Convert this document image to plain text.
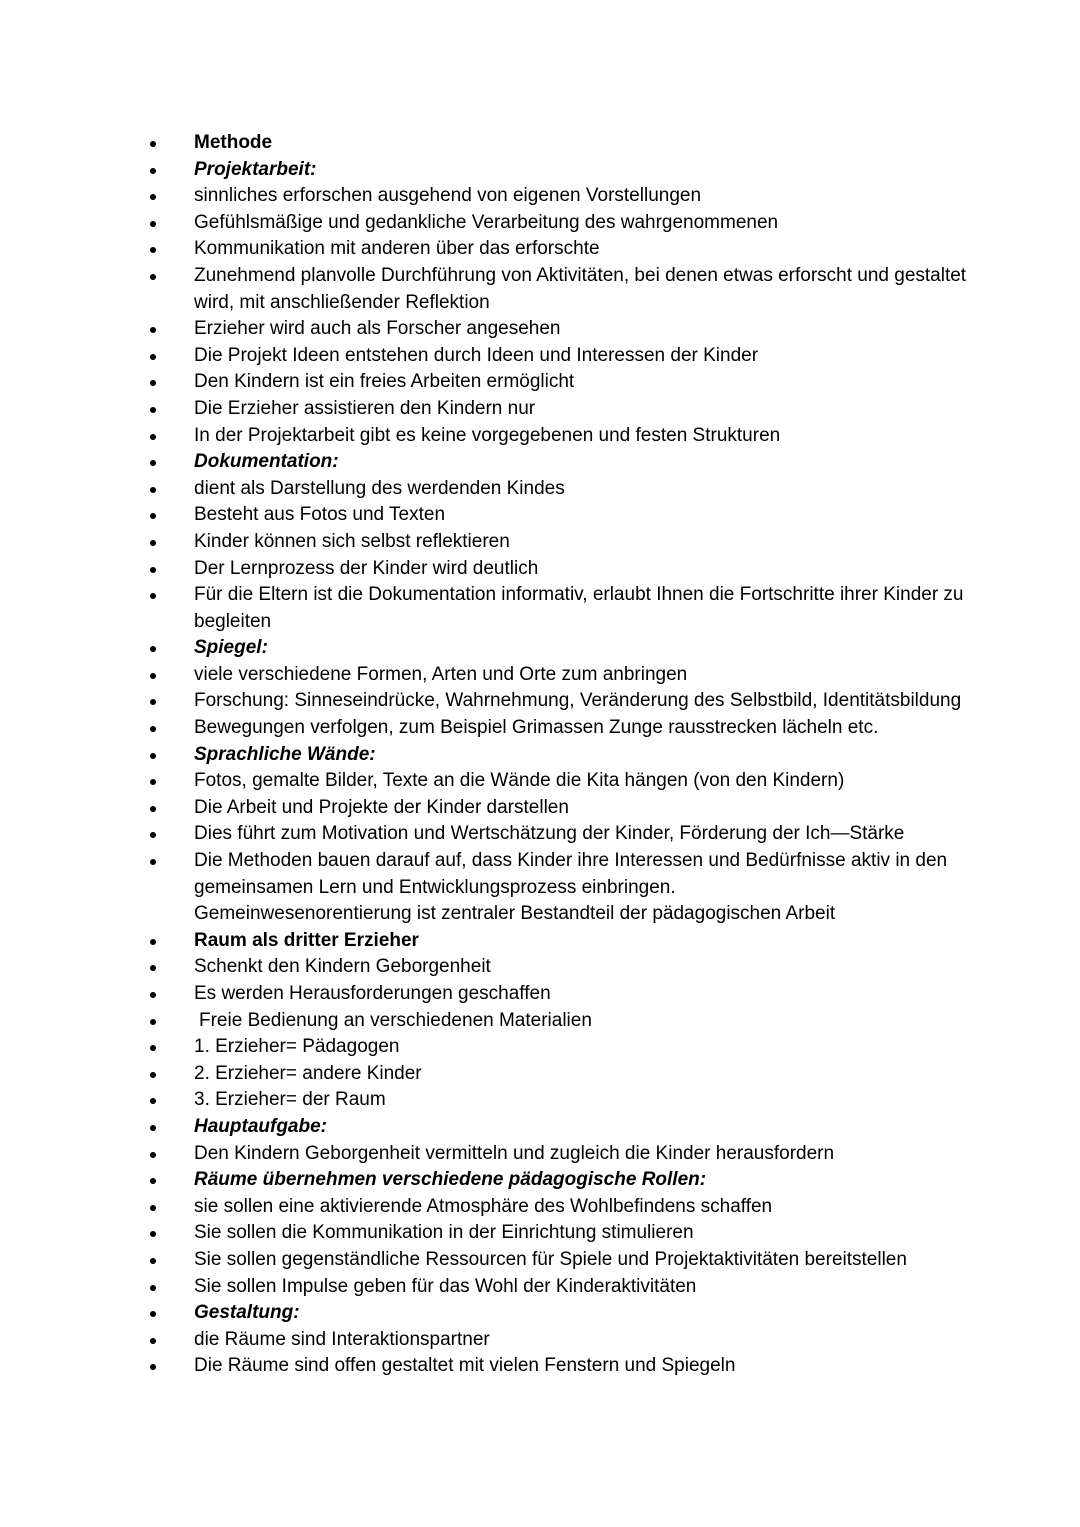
Methode
Projektarbeit:
sinnliches erforschen ausgehend von eigenen Vorstellungen
Gefühlsmäßige und gedankliche Verarbeitung des wahrgenommenen
Kommunikation mit anderen über das erforschte
Zunehmend planvolle Durchführung von Aktivitäten, bei denen etwas erforscht und gestaltet wird, mit anschließender Reflektion
Erzieher wird auch als Forscher angesehen
Die Projekt Ideen entstehen durch Ideen und Interessen der Kinder
Den Kindern ist ein freies Arbeiten ermöglicht
Die Erzieher assistieren den Kindern nur
In der Projektarbeit gibt es keine vorgegebenen und festen Strukturen
Dokumentation:
dient als Darstellung des werdenden Kindes
Besteht aus Fotos und Texten
Kinder können sich selbst reflektieren
Der Lernprozess der Kinder wird deutlich
Für die Eltern ist die Dokumentation informativ, erlaubt Ihnen die Fortschritte ihrer Kinder zu begleiten
Spiegel:
viele verschiedene Formen, Arten und Orte zum anbringen
Forschung: Sinneseindrücke, Wahrnehmung, Veränderung des Selbstbild, Identitätsbildung
Bewegungen verfolgen, zum Beispiel Grimassen Zunge rausstrecken lächeln etc.
Sprachliche Wände:
Fotos, gemalte Bilder, Texte an die Wände die Kita hängen (von den Kindern)
Die Arbeit und Projekte der Kinder darstellen
Dies führt zum Motivation und Wertschätzung der Kinder, Förderung der Ich—Stärke
Die Methoden bauen darauf auf, dass Kinder ihre Interessen und Bedürfnisse aktiv in den gemeinsamen Lern und Entwicklungsprozess einbringen.
Gemeinwesenorentierung ist zentraler Bestandteil der pädagogischen Arbeit
Raum als dritter Erzieher
Schenkt den Kindern Geborgenheit
Es werden Herausforderungen geschaffen
Freie Bedienung an verschiedenen Materialien
1. Erzieher= Pädagogen
2. Erzieher= andere Kinder
3. Erzieher= der Raum
Hauptaufgabe:
Den Kindern Geborgenheit vermitteln und zugleich die Kinder herausfordern
Räume übernehmen verschiedene pädagogische Rollen:
sie sollen eine aktivierende Atmosphäre des Wohlbefindens schaffen
Sie sollen die Kommunikation in der Einrichtung stimulieren
Sie sollen gegenständliche Ressourcen für Spiele und Projektaktivitäten bereitstellen
Sie sollen Impulse geben für das Wohl der Kinderaktivitäten
Gestaltung:
die Räume sind Interaktionspartner
Die Räume sind offen gestaltet mit vielen Fenstern und Spiegeln
